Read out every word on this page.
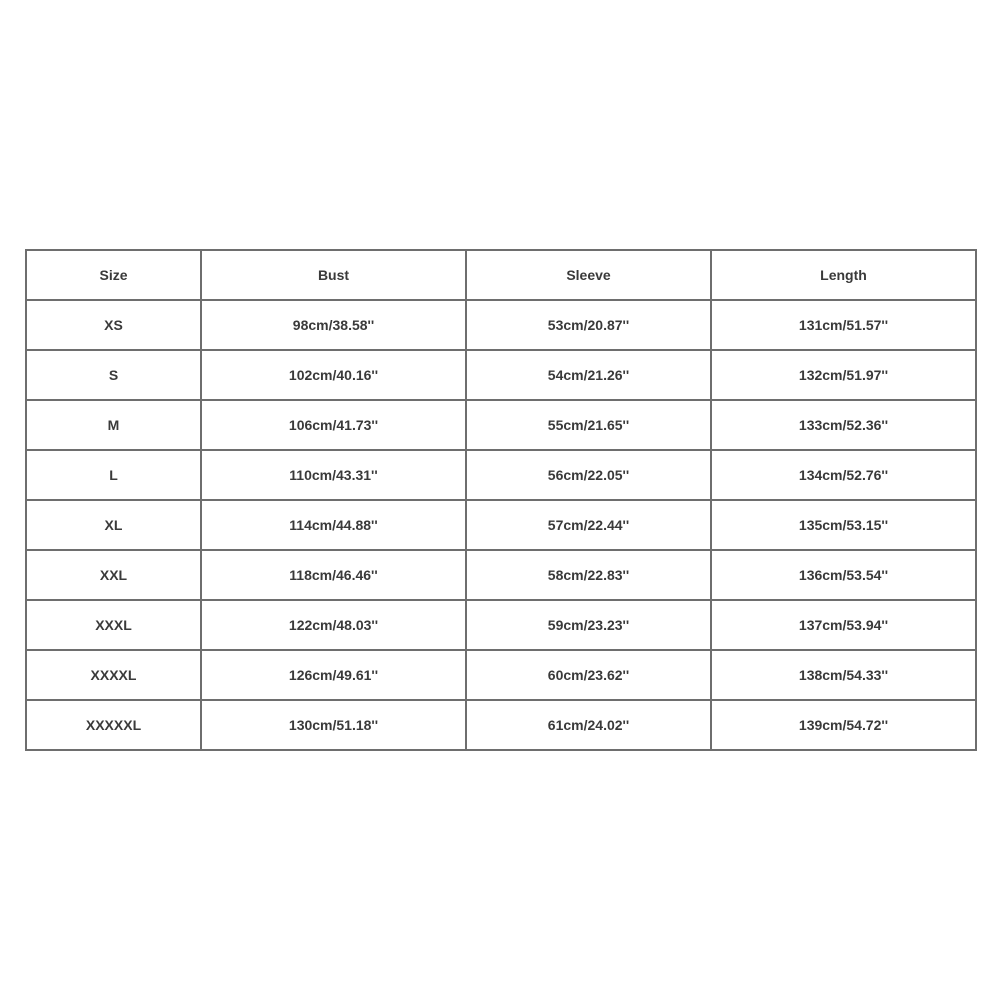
Size	Bust	Sleeve	Length
XS	98cm/38.58''	53cm/20.87''	131cm/51.57''
S	102cm/40.16''	54cm/21.26''	132cm/51.97''
M	106cm/41.73''	55cm/21.65''	133cm/52.36''
L	110cm/43.31''	56cm/22.05''	134cm/52.76''
XL	114cm/44.88''	57cm/22.44''	135cm/53.15''
XXL	118cm/46.46''	58cm/22.83''	136cm/53.54''
XXXL	122cm/48.03''	59cm/23.23''	137cm/53.94''
XXXXL	126cm/49.61''	60cm/23.62''	138cm/54.33''
XXXXXL	130cm/51.18''	61cm/24.02''	139cm/54.72''
